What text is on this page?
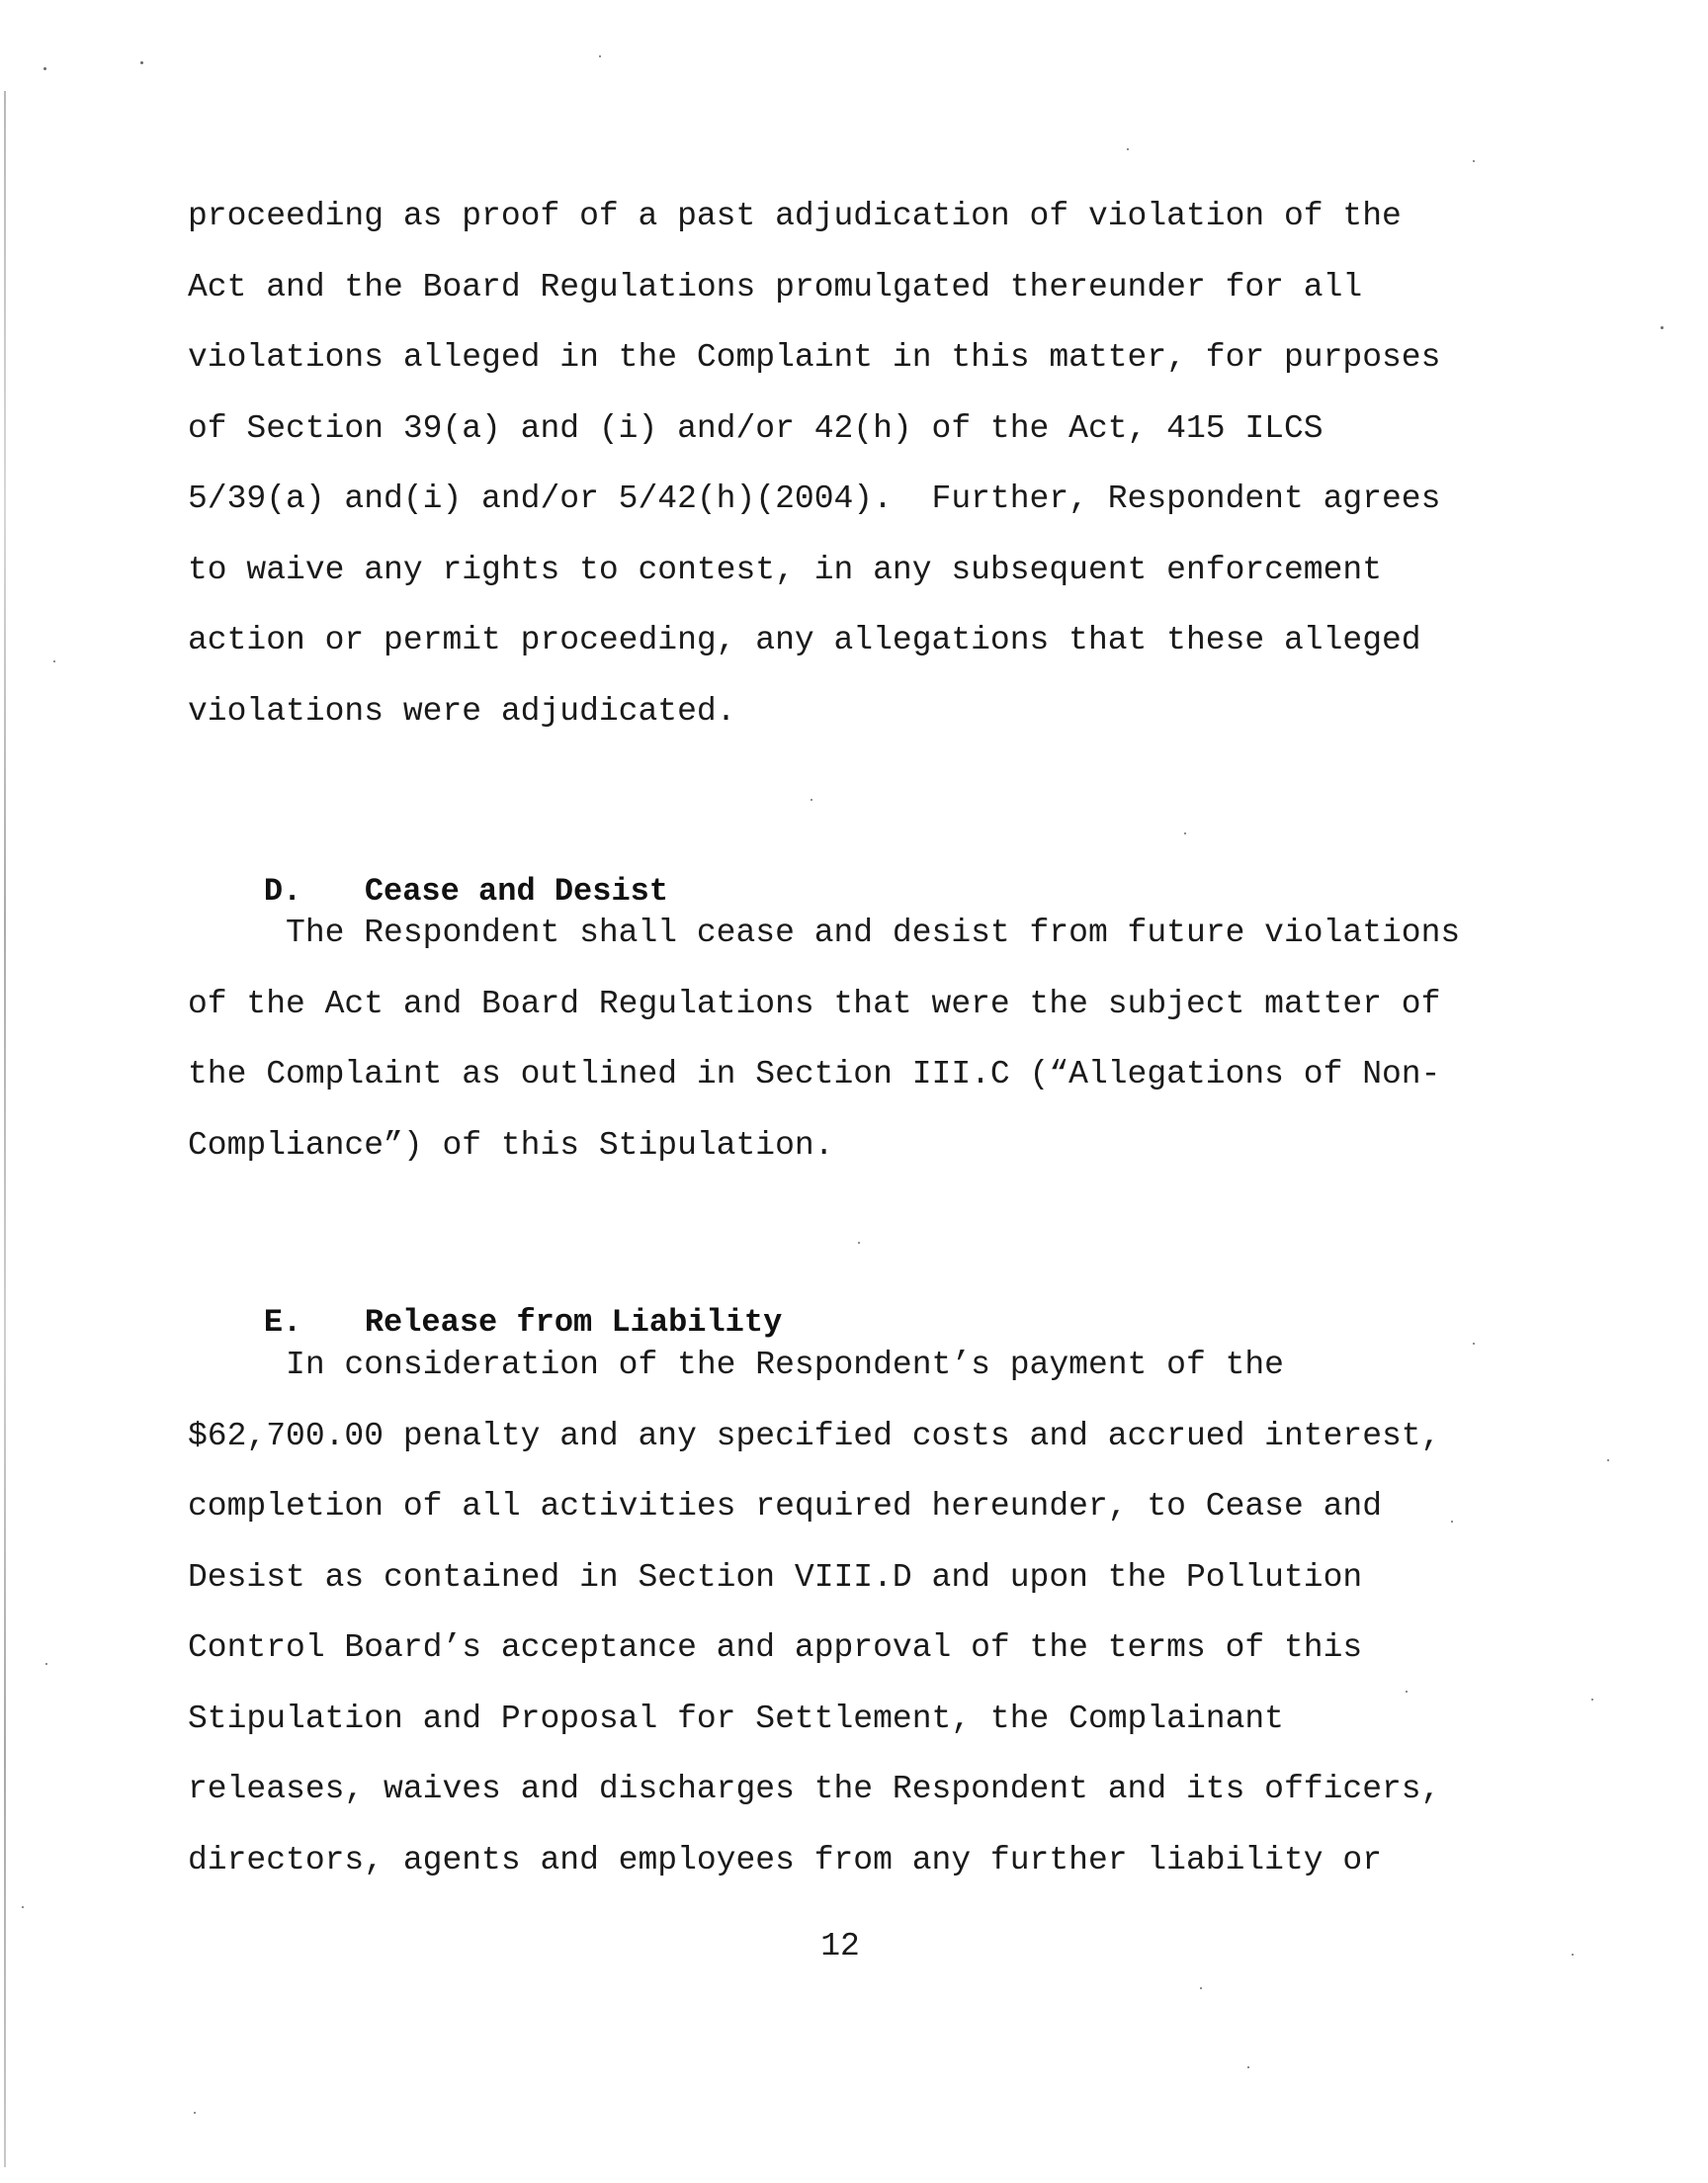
proceeding as proof of a past adjudication of violation of the
Act and the Board Regulations promulgated thereunder for all
violations alleged in the Complaint in this matter, for purposes
of Section 39(a) and (i) and/or 42(h) of the Act, 415 ILCS
5/39(a) and(i) and/or 5/42(h)(2004).  Further, Respondent agrees
to waive any rights to contest, in any subsequent enforcement
action or permit proceeding, any allegations that these alleged
violations were adjudicated.

D. Cease and Desist

The Respondent shall cease and desist from future violations
of the Act and Board Regulations that were the subject matter of
the Complaint as outlined in Section III.C (“Allegations of Non-
Compliance”) of this Stipulation.

E. Release from Liability

In consideration of the Respondent’s payment of the
$62,700.00 penalty and any specified costs and accrued interest,
completion of all activities required hereunder, to Cease and
Desist as contained in Section VIII.D and upon the Pollution
Control Board’s acceptance and approval of the terms of this
Stipulation and Proposal for Settlement, the Complainant
releases, waives and discharges the Respondent and its officers,
directors, agents and employees from any further liability or
12
